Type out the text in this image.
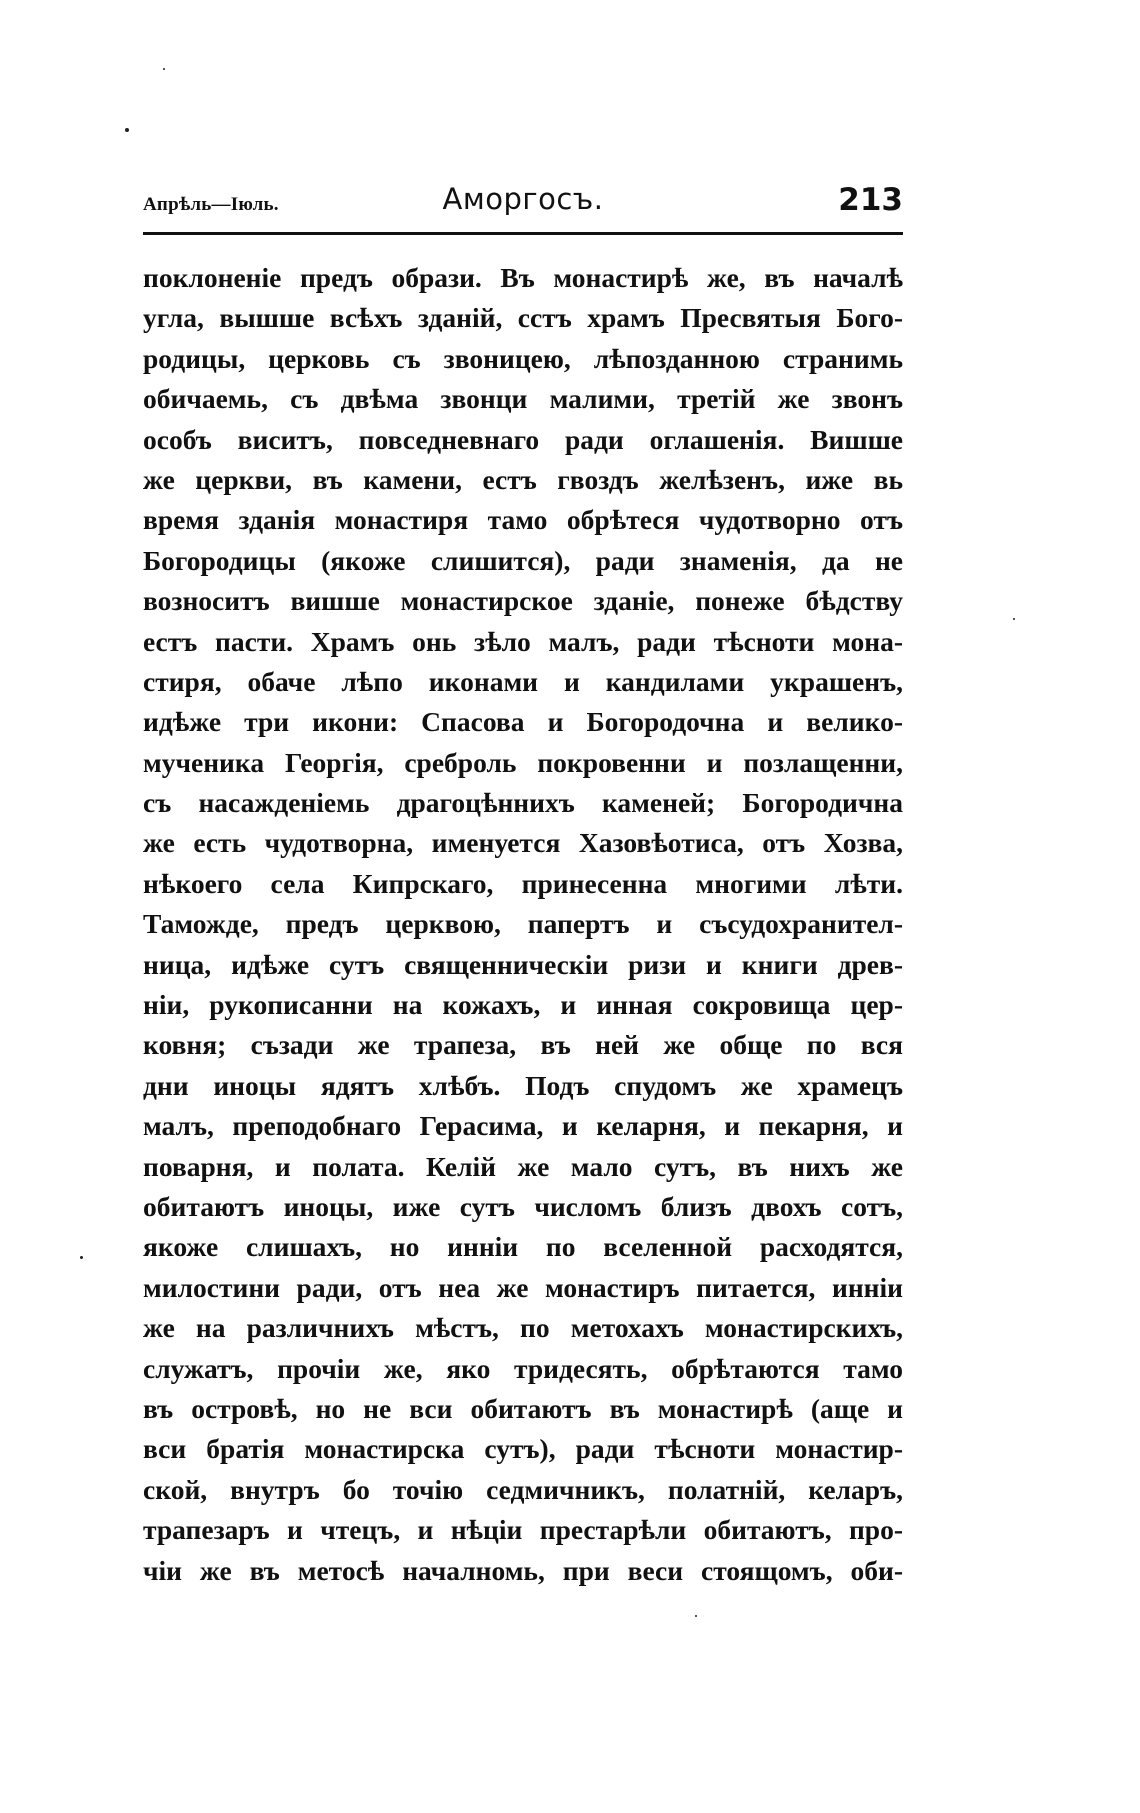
Апрѣль—Іюль.	Аморгосъ.	213
поклоненіе предъ образи. Въ монастирѣ же, въ началѣ
угла, вышше всѣхъ зданій, сстъ храмъ Пресвятыя Бого-
родицы, церковь съ звоницею, лѣпозданною странимь
обичаемь, съ двѣма звонци малими, третій же звонъ
особъ виситъ, повседневнаго ради оглашенія. Вишше
же церкви, въ камени, естъ гвоздъ желѣзенъ, иже вь
время зданія монастиря тамо обрѣтеся чудотворно отъ
Богородицы (якоже слишится), ради знаменія, да не
возноситъ вишше монастирское зданіе, понеже бѣдству
естъ пасти. Храмъ онь зѣло малъ, ради тѣсноти мона-
стиря, обаче лѣпо иконами и кандилами украшенъ,
идѣже три икони: Спасова и Богородочна и велико-
мученика Георгія, среброль покровенни и позлащенни,
съ насажденіемь драгоцѣнниxъ каменей; Богородична
же есть чудотворна, именуется Хазовѣотиса, отъ Хозва,
нѣкоего села Кипрскаго, принесенна многими лѣти.
Таможде, предъ церквою, папертъ и съсудохранител-
ница, идѣже сутъ священническіи ризи и книги древ-
ніи, рукописанни на кожахъ, и инная сокровища цер-
ковня; съзади же трапеза, въ ней же обще по вся
дни иноцы ядятъ хлѣбъ. Подъ спудомъ же храмецъ
малъ, преподобнаго Герасима, и келарня, и пекарня, и
поварня, и полата. Келій же мало сутъ, въ нихъ же
обитаютъ иноцы, иже сутъ числомъ близъ двохъ сотъ,
якоже слишахъ, но инніи по вселенной расходятся,
милостини ради, отъ неа же монастиръ питается, инніи
же на различнихъ мѣстъ, по метохахъ монастирскихъ,
служатъ, прочіи же, яко тридесять, обрѣтаются тамо
въ островѣ, но не вси обитаютъ въ монастирѣ (аще и
вси братія монастирска сутъ), ради тѣсноти монастир-
ской, внутръ бо точію седмичникъ, полатній, келаръ,
трапезаръ и чтецъ, и нѣціи престарѣли обитаютъ, про-
чіи же въ метосѣ началномь, при веси стоящомъ, оби-
